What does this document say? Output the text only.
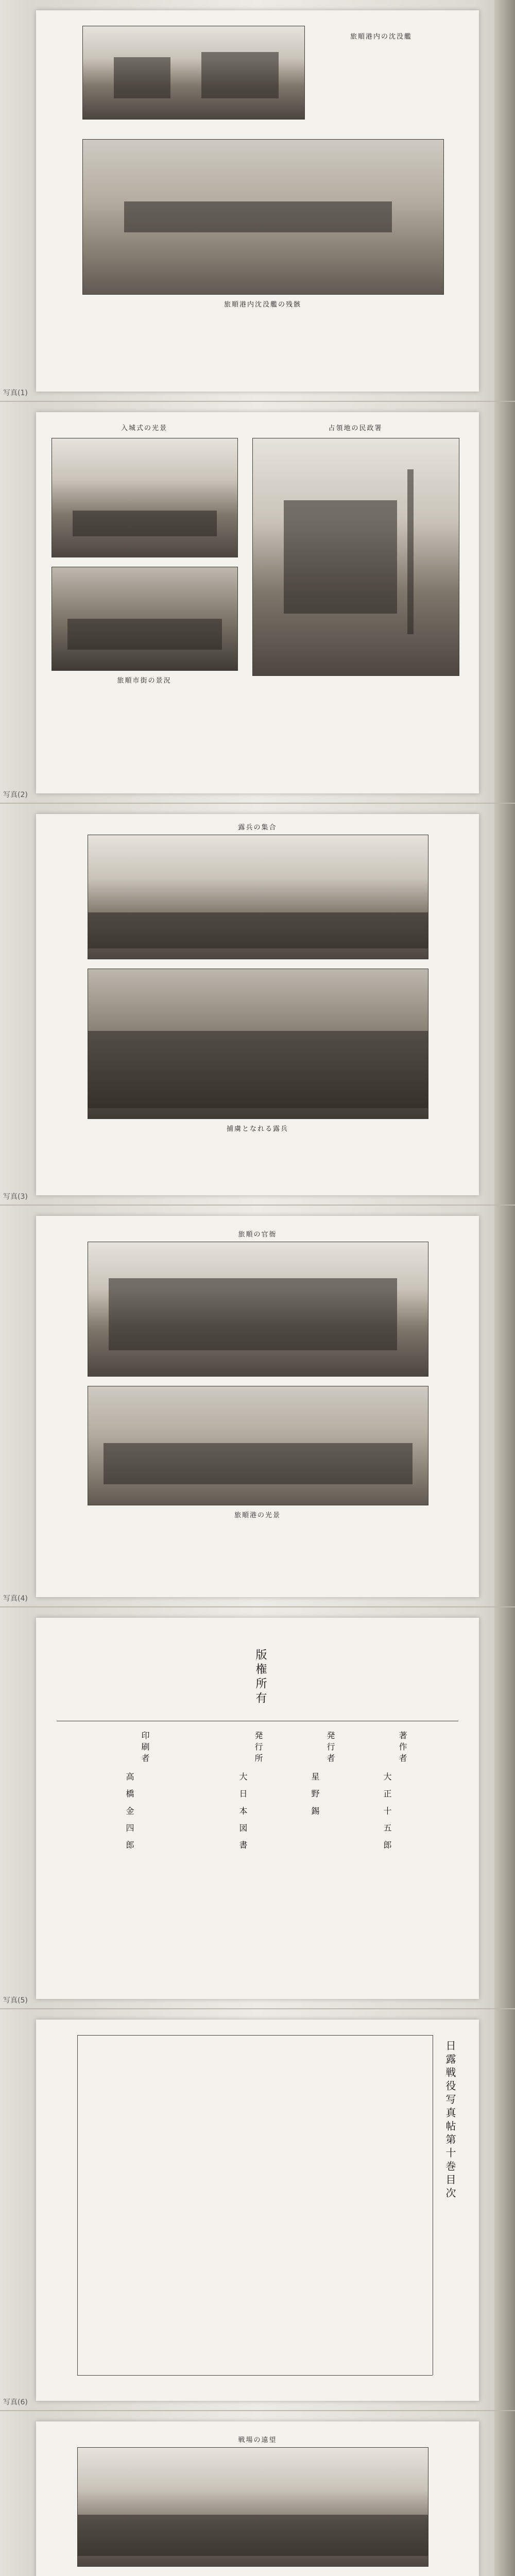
旅順港内の沈没艦
旅順港内沈没艦の残骸
写真(1)
入城式の光景
旅順市街の景況
占領地の民政署
写真(2)
露兵の集合
捕虜となれる露兵
写真(3)
旅順の官衙
旅順港の光景
写真(4)
版権所有
著作者
大 正 十 五 郎
発行者
星 野 錫
発行所
大 日 本 図 書
印刷者
高 橋 金 四 郎
写真(5)
日露戦役写真帖第十巻目次
写真(6)
戦場の遠望
